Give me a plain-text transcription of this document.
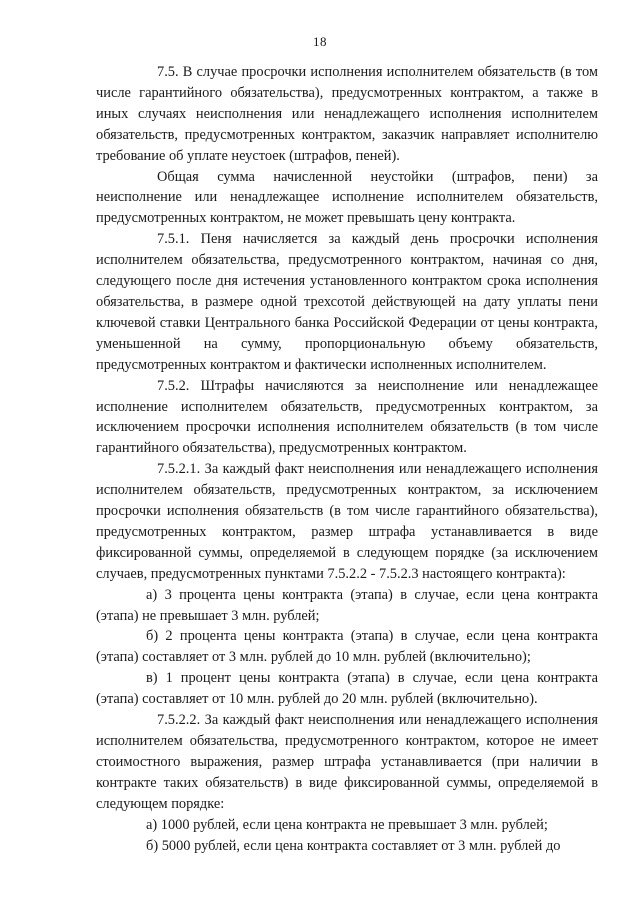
18

7.5. В случае просрочки исполнения исполнителем обязательств (в том числе гарантийного обязательства), предусмотренных контрактом, а также в иных случаях неисполнения или ненадлежащего исполнения исполнителем обязательств, предусмотренных контрактом, заказчик направляет исполнителю требование об уплате неустоек (штрафов, пеней).

Общая сумма начисленной неустойки (штрафов, пени) за неисполнение или ненадлежащее исполнение исполнителем обязательств, предусмотренных контрактом, не может превышать цену контракта.

7.5.1. Пеня начисляется за каждый день просрочки исполнения исполнителем обязательства, предусмотренного контрактом, начиная со дня, следующего после дня истечения установленного контрактом срока исполнения обязательства, в размере одной трехсотой действующей на дату уплаты пени ключевой ставки Центрального банка Российской Федерации от цены контракта, уменьшенной на сумму, пропорциональную объему обязательств, предусмотренных контрактом и фактически исполненных исполнителем.

7.5.2. Штрафы начисляются за неисполнение или ненадлежащее исполнение исполнителем обязательств, предусмотренных контрактом, за исключением просрочки исполнения исполнителем обязательств (в том числе гарантийного обязательства), предусмотренных контрактом.

7.5.2.1. За каждый факт неисполнения или ненадлежащего исполнения исполнителем обязательств, предусмотренных контрактом, за исключением просрочки исполнения обязательств (в том числе гарантийного обязательства), предусмотренных контрактом, размер штрафа устанавливается в виде фиксированной суммы, определяемой в следующем порядке (за исключением случаев, предусмотренных пунктами 7.5.2.2 - 7.5.2.3 настоящего контракта):

а) 3 процента цены контракта (этапа) в случае, если цена контракта (этапа) не превышает 3 млн. рублей;

б) 2 процента цены контракта (этапа) в случае, если цена контракта (этапа) составляет от 3 млн. рублей до 10 млн. рублей (включительно);

в) 1 процент цены контракта (этапа) в случае, если цена контракта (этапа) составляет от 10 млн. рублей до 20 млн. рублей (включительно).

7.5.2.2. За каждый факт неисполнения или ненадлежащего исполнения исполнителем обязательства, предусмотренного контрактом, которое не имеет стоимостного выражения, размер штрафа устанавливается (при наличии в контракте таких обязательств) в виде фиксированной суммы, определяемой в следующем порядке:

а) 1000 рублей, если цена контракта не превышает 3 млн. рублей;

б) 5000 рублей, если цена контракта составляет от 3 млн. рублей до
